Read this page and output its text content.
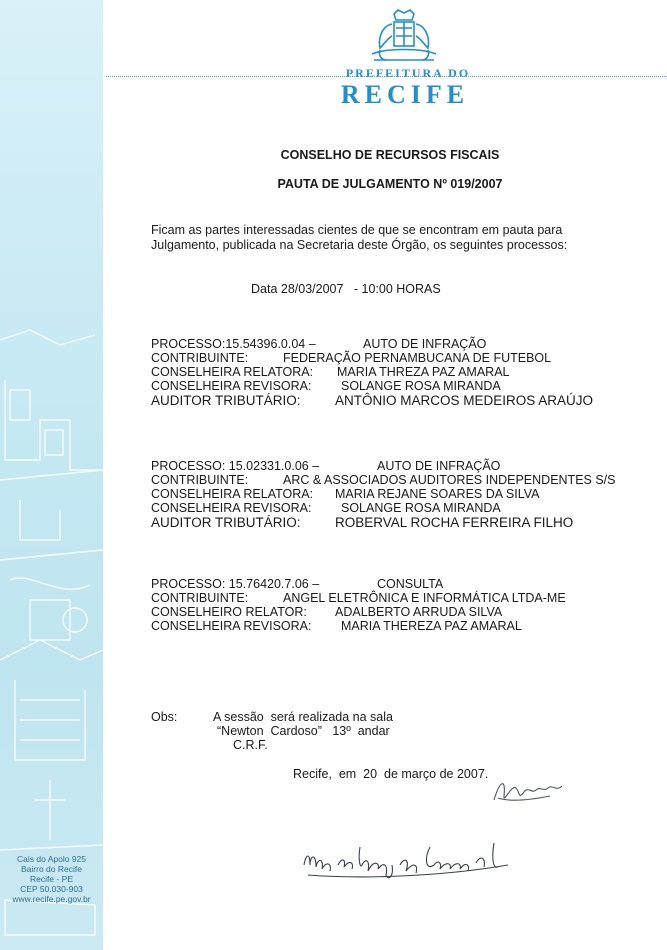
Cais do Apolo 925
Bairro do Recife
Recife - PE
CEP 50.030-903
www.recife.pe.gov.br
PREFEITURA DO
RECIFE
CONSELHO DE RECURSOS FISCAIS
PAUTA DE JULGAMENTO Nº 019/2007
Ficam as partes interessadas cientes de que se encontram em pauta para
Julgamento, publicada na Secretaria deste Órgão, os seguintes processos:
Data 28/03/2007   - 10:00 HORAS
PROCESSO:15.54396.0.04 –	AUTO DE INFRAÇÃO
CONTRIBUINTE:	FEDERAÇÃO PERNAMBUCANA DE FUTEBOL
CONSELHEIRA RELATORA:	MARIA THREZA PAZ AMARAL
CONSELHEIRA REVISORA:	SOLANGE ROSA MIRANDA
AUDITOR TRIBUTÁRIO:	ANTÔNIO MARCOS MEDEIROS ARAÚJO
PROCESSO: 15.02331.0.06 –	AUTO DE INFRAÇÃO
CONTRIBUINTE:	ARC & ASSOCIADOS AUDITORES INDEPENDENTES S/S
CONSELHEIRA RELATORA:	MARIA REJANE SOARES DA SILVA
CONSELHEIRA REVISORA:	SOLANGE ROSA MIRANDA
AUDITOR TRIBUTÁRIO:	ROBERVAL ROCHA FERREIRA FILHO
PROCESSO: 15.76420.7.06 –	CONSULTA
CONTRIBUINTE:	ANGEL ELETRÔNICA E INFORMÁTICA LTDA-ME
CONSELHEIRO RELATOR:	ADALBERTO ARRUDA SILVA
CONSELHEIRA REVISORA:	MARIA THEREZA PAZ AMARAL
Obs:	A sessão  será realizada na sala
“Newton  Cardoso”   13º  andar
C.R.F.
Recife,  em  20  de março de 2007.
